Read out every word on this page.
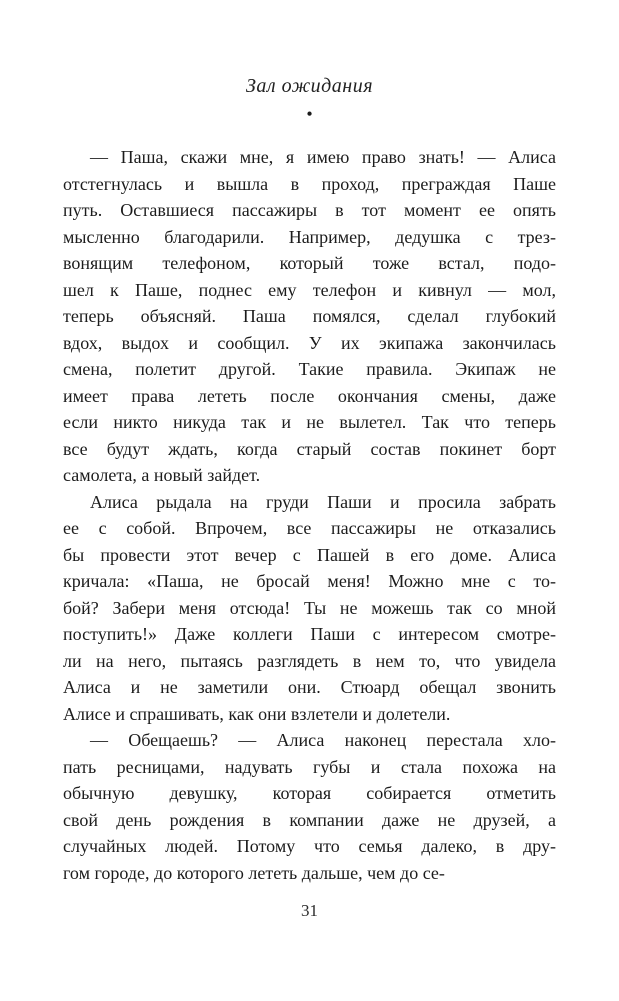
Зал ожидания
•
— Паша, скажи мне, я имею право знать! — Алиса
отстегнулась и вышла в проход, преграждая Паше
путь. Оставшиеся пассажиры в тот момент ее опять
мысленно благодарили. Например, дедушка с трез-
вонящим телефоном, который тоже встал, подо-
шел к Паше, поднес ему телефон и кивнул — мол,
теперь объясняй. Паша помялся, сделал глубокий
вдох, выдох и сообщил. У их экипажа закончилась
смена, полетит другой. Такие правила. Экипаж не
имеет права лететь после окончания смены, даже
если никто никуда так и не вылетел. Так что теперь
все будут ждать, когда старый состав покинет борт
самолета, а новый зайдет.
Алиса рыдала на груди Паши и просила забрать
ее с собой. Впрочем, все пассажиры не отказались
бы провести этот вечер с Пашей в его доме. Алиса
кричала: «Паша, не бросай меня! Можно мне с то-
бой? Забери меня отсюда! Ты не можешь так со мной
поступить!» Даже коллеги Паши с интересом смотре-
ли на него, пытаясь разглядеть в нем то, что увидела
Алиса и не заметили они. Стюард обещал звонить
Алисе и спрашивать, как они взлетели и долетели.
— Обещаешь? — Алиса наконец перестала хло-
пать ресницами, надувать губы и стала похожа на
обычную девушку, которая собирается отметить
свой день рождения в компании даже не друзей, а
случайных людей. Потому что семья далеко, в дру-
гом городе, до которого лететь дальше, чем до се-
31
